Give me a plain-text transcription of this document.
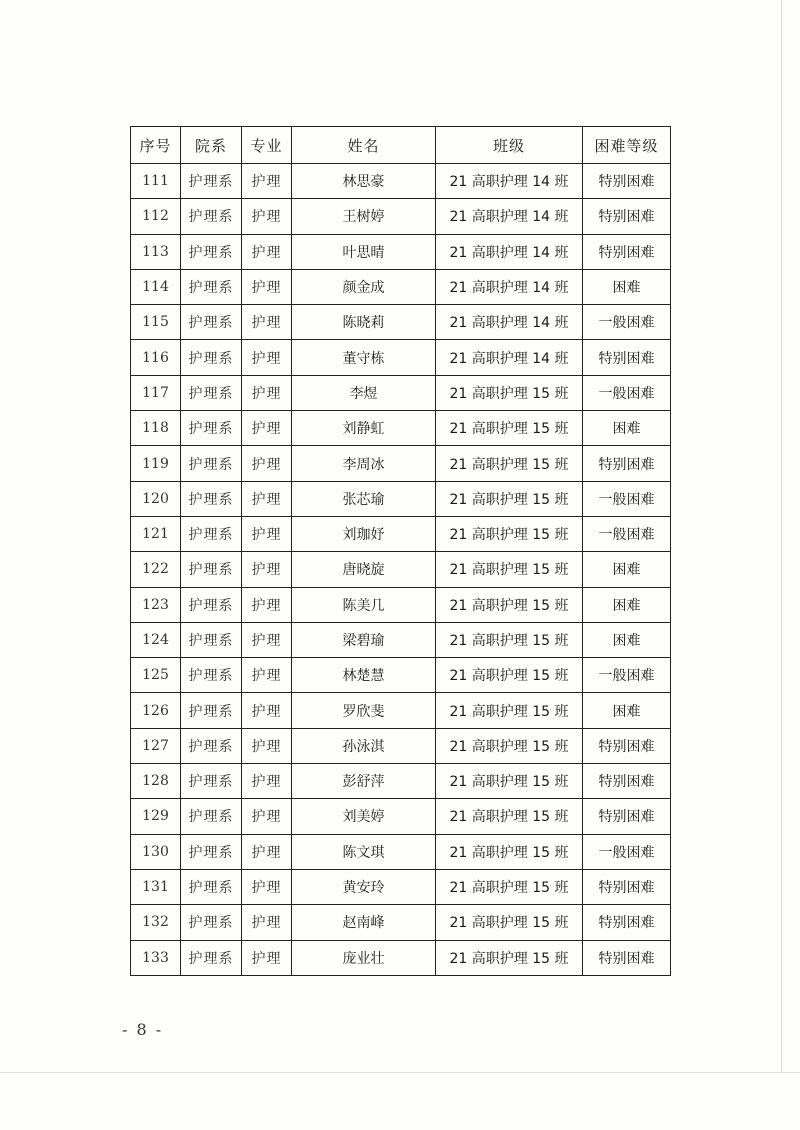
序号	院系	专业	姓名	班级	困难等级
111	护理系	护理	林思豪	21 高职护理 14 班	特别困难
112	护理系	护理	王树婷	21 高职护理 14 班	特别困难
113	护理系	护理	叶思晴	21 高职护理 14 班	特别困难
114	护理系	护理	颜金成	21 高职护理 14 班	困难
115	护理系	护理	陈晓莉	21 高职护理 14 班	一般困难
116	护理系	护理	董守栋	21 高职护理 14 班	特别困难
117	护理系	护理	李煜	21 高职护理 15 班	一般困难
118	护理系	护理	刘静虹	21 高职护理 15 班	困难
119	护理系	护理	李周冰	21 高职护理 15 班	特别困难
120	护理系	护理	张芯瑜	21 高职护理 15 班	一般困难
121	护理系	护理	刘珈妤	21 高职护理 15 班	一般困难
122	护理系	护理	唐晓旋	21 高职护理 15 班	困难
123	护理系	护理	陈美几	21 高职护理 15 班	困难
124	护理系	护理	梁碧瑜	21 高职护理 15 班	困难
125	护理系	护理	林楚慧	21 高职护理 15 班	一般困难
126	护理系	护理	罗欣斐	21 高职护理 15 班	困难
127	护理系	护理	孙泳淇	21 高职护理 15 班	特别困难
128	护理系	护理	彭舒萍	21 高职护理 15 班	特别困难
129	护理系	护理	刘美婷	21 高职护理 15 班	特别困难
130	护理系	护理	陈文琪	21 高职护理 15 班	一般困难
131	护理系	护理	黄安玲	21 高职护理 15 班	特别困难
132	护理系	护理	赵南峰	21 高职护理 15 班	特别困难
133	护理系	护理	庞业壮	21 高职护理 15 班	特别困难
- 8 -
